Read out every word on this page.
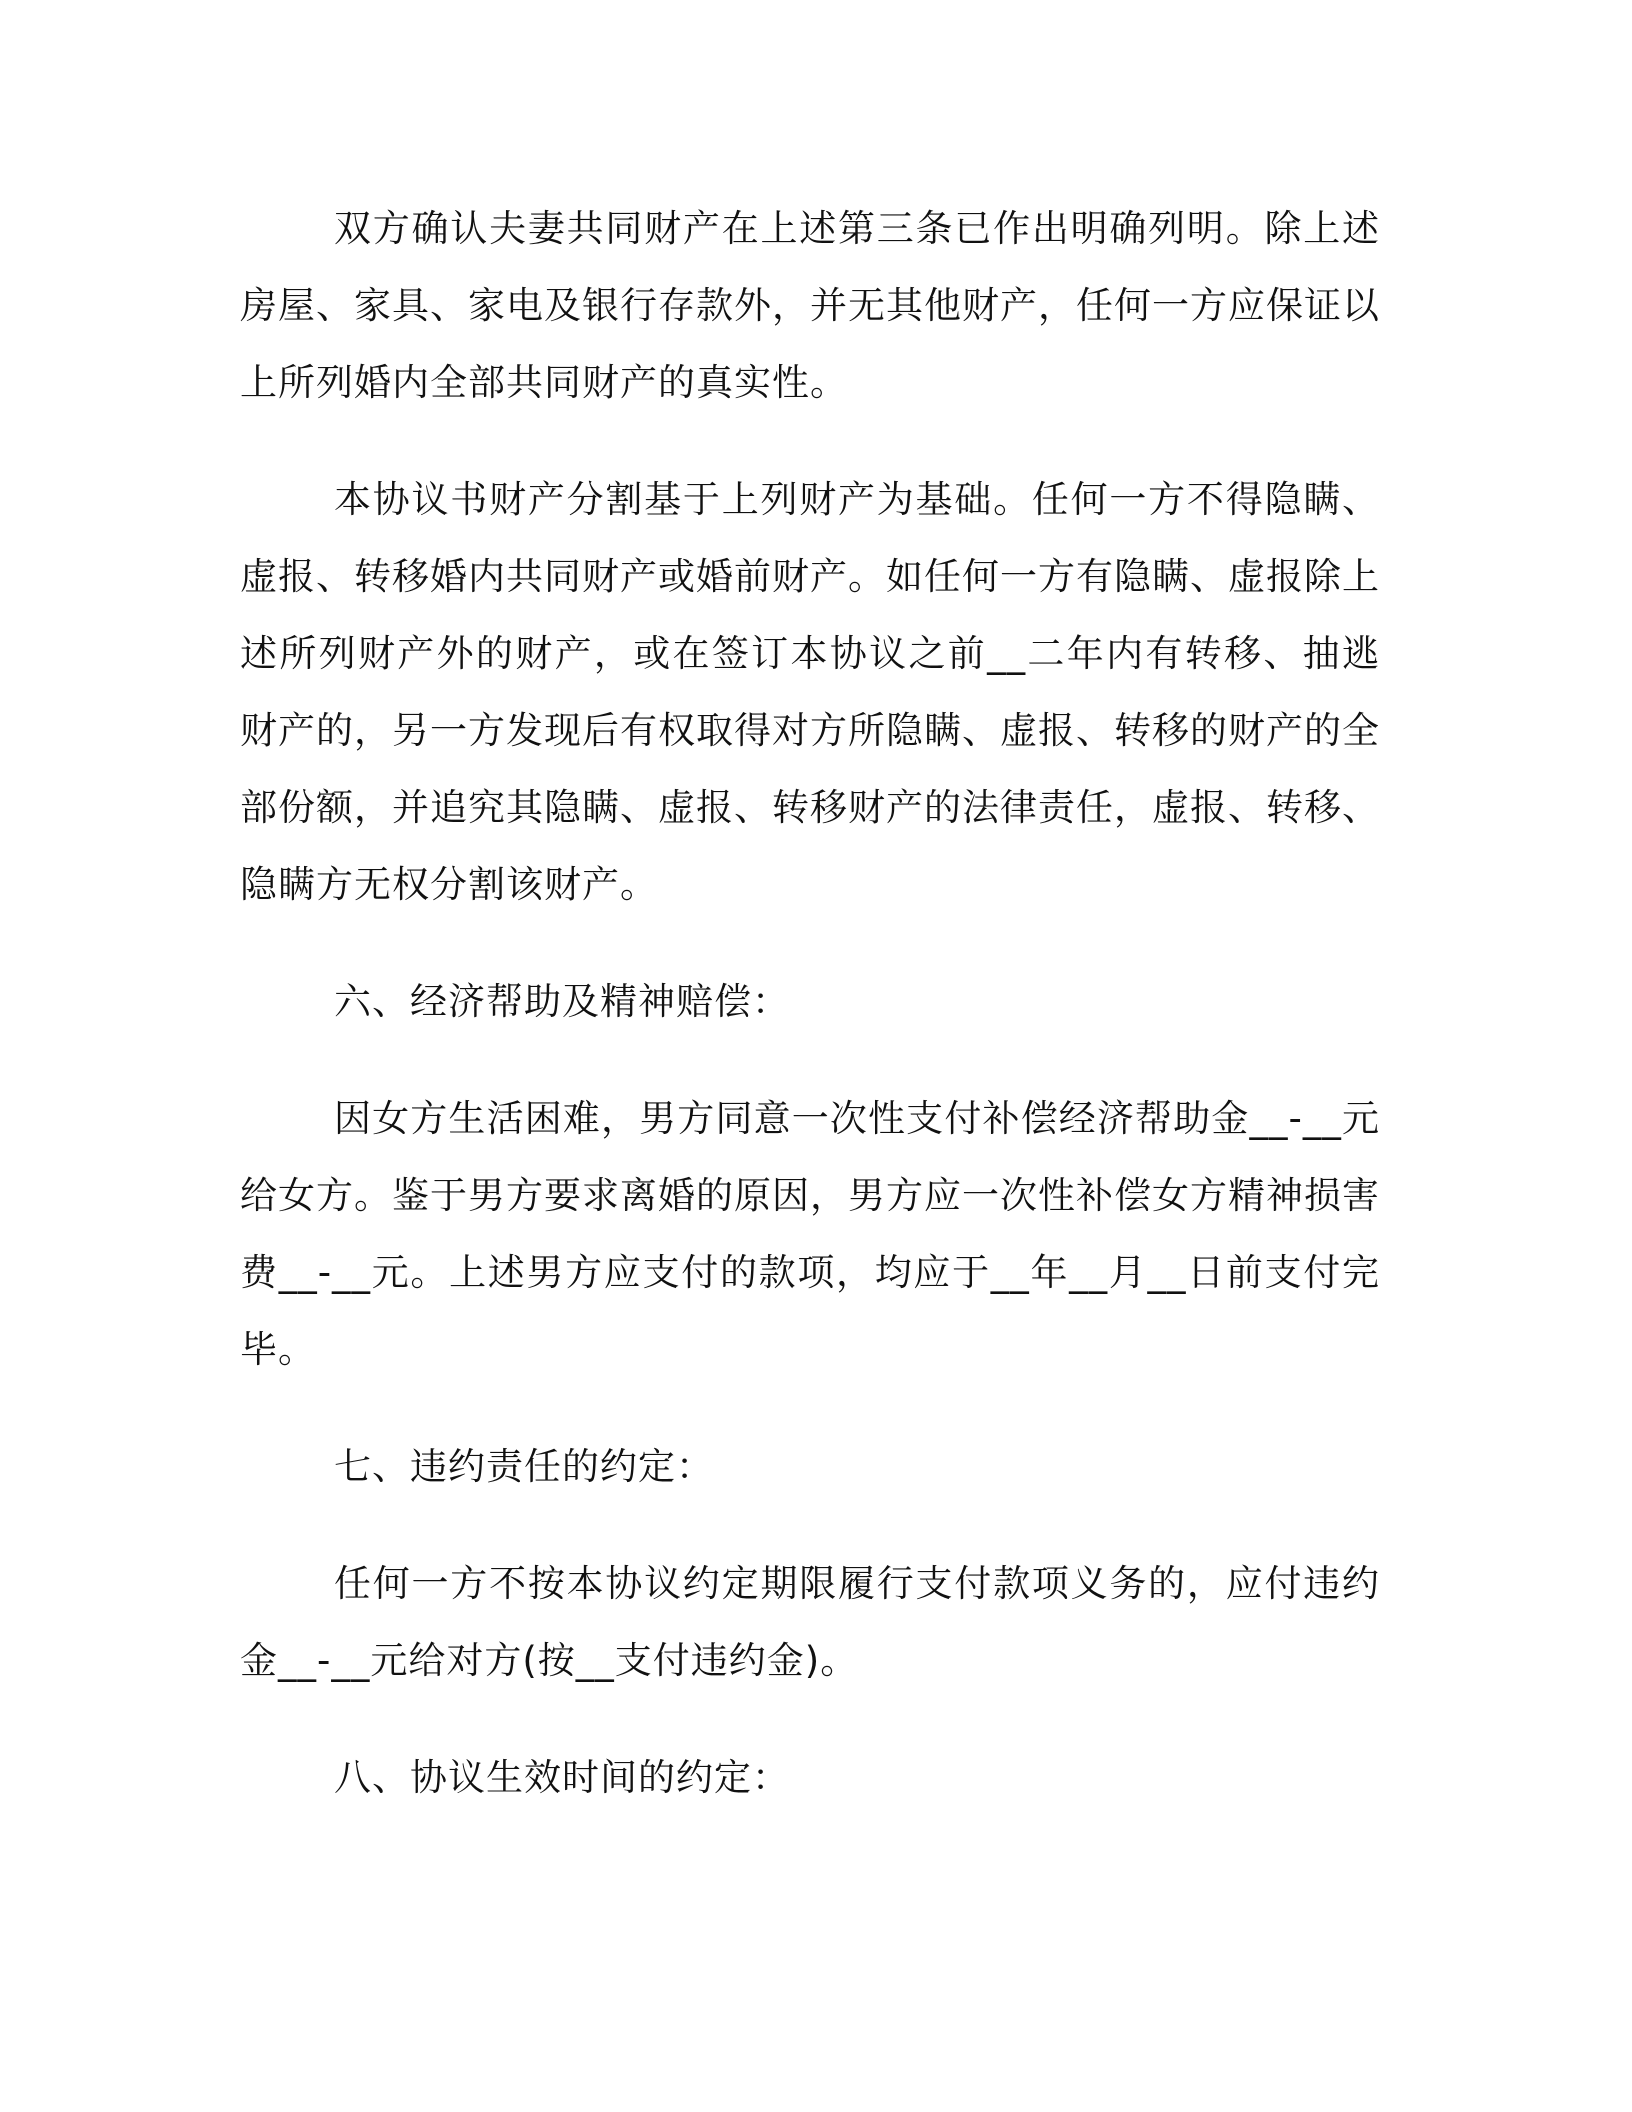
双方确认夫妻共同财产在上述第三条已作出明确列明。除上述房屋、家具、家电及银行存款外，并无其他财产，任何一方应保证以上所列婚内全部共同财产的真实性。

本协议书财产分割基于上列财产为基础。任何一方不得隐瞒、虚报、转移婚内共同财产或婚前财产。如任何一方有隐瞒、虚报除上述所列财产外的财产，或在签订本协议之前__二年内有转移、抽逃财产的，另一方发现后有权取得对方所隐瞒、虚报、转移的财产的全部份额，并追究其隐瞒、虚报、转移财产的法律责任，虚报、转移、隐瞒方无权分割该财产。

六、经济帮助及精神赔偿：

因女方生活困难，男方同意一次性支付补偿经济帮助金__-__元给女方。鉴于男方要求离婚的原因，男方应一次性补偿女方精神损害费__-__元。上述男方应支付的款项，均应于__年__月__日前支付完毕。

七、违约责任的约定：

任何一方不按本协议约定期限履行支付款项义务的，应付违约金__-__元给对方(按__支付违约金)。

八、协议生效时间的约定：
